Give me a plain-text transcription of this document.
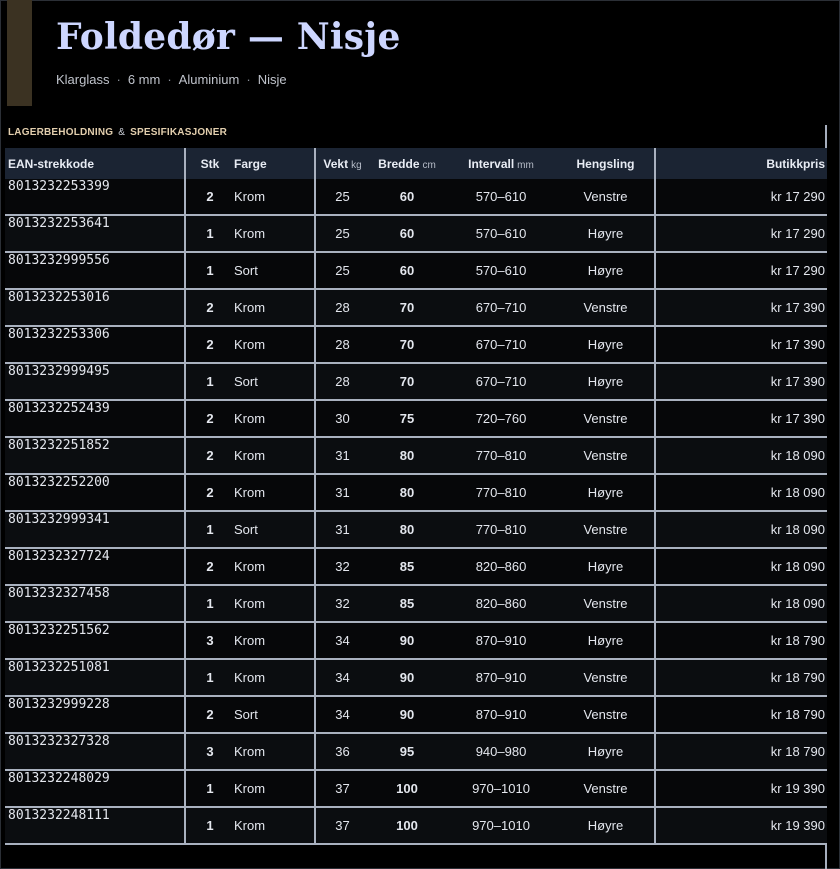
Foldedør — Nisje
Klarglass · 6 mm · Aluminium · Nisje
LAGERBEHOLDNING & SPESIFIKASJONER
EAN-strekkode	Stk	Farge	Vekt kg	Bredde cm	Intervall mm	Hengsling	Butikkpris
8013232253399	2	Krom	25	60	570–610	Venstre	kr 17 290
8013232253641	1	Krom	25	60	570–610	Høyre	kr 17 290
8013232999556	1	Sort	25	60	570–610	Høyre	kr 17 290
8013232253016	2	Krom	28	70	670–710	Venstre	kr 17 390
8013232253306	2	Krom	28	70	670–710	Høyre	kr 17 390
8013232999495	1	Sort	28	70	670–710	Høyre	kr 17 390
8013232252439	2	Krom	30	75	720–760	Venstre	kr 17 390
8013232251852	2	Krom	31	80	770–810	Venstre	kr 18 090
8013232252200	2	Krom	31	80	770–810	Høyre	kr 18 090
8013232999341	1	Sort	31	80	770–810	Venstre	kr 18 090
8013232327724	2	Krom	32	85	820–860	Høyre	kr 18 090
8013232327458	1	Krom	32	85	820–860	Venstre	kr 18 090
8013232251562	3	Krom	34	90	870–910	Høyre	kr 18 790
8013232251081	1	Krom	34	90	870–910	Venstre	kr 18 790
8013232999228	2	Sort	34	90	870–910	Venstre	kr 18 790
8013232327328	3	Krom	36	95	940–980	Høyre	kr 18 790
8013232248029	1	Krom	37	100	970–1010	Venstre	kr 19 390
8013232248111	1	Krom	37	100	970–1010	Høyre	kr 19 390
